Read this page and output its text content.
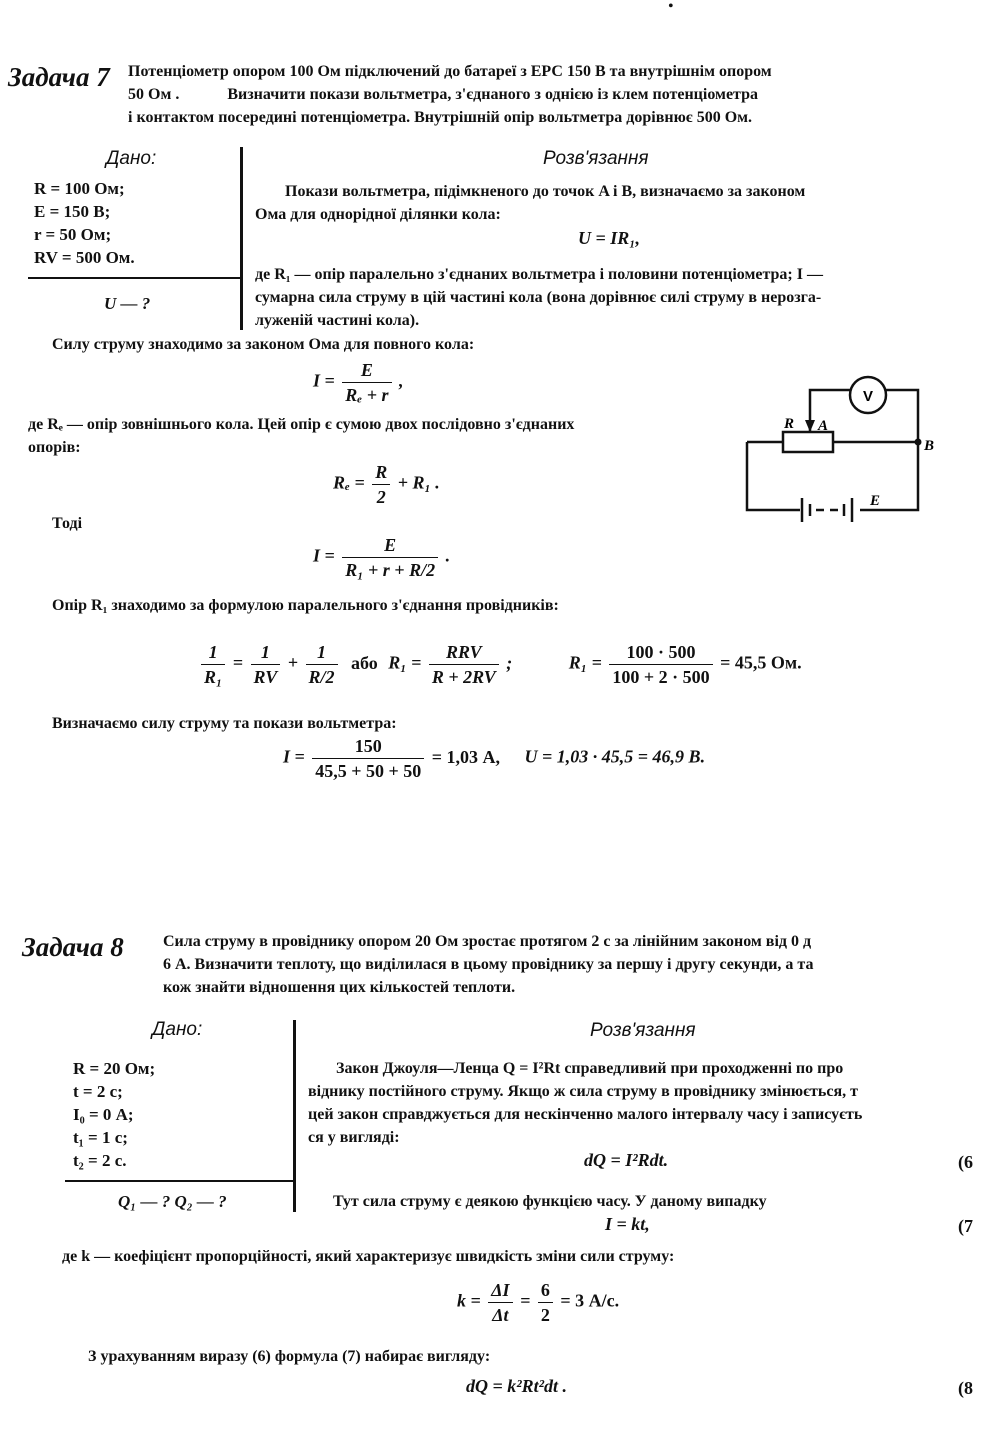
•
Задача 7 Потенціометр опором 100 Ом підключений до батареї з ЕРС 150 В та внутрішнім опором
50 Ом .            Визначити покази вольтметра, з'єднаного з однією із клем потенціометра
і контактом посередині потенціометра. Внутрішній опір вольтметра дорівнює 500 Ом.
Дано:
R = 100 Ом;
E = 150 В;
r = 50 Ом;
RV = 500 Ом.
U — ?
Розв'язання
Покази вольтметра, підімкненого до точок A і B, визначаємо за законом
Ома для однорідної ділянки кола:
U = IR₁,
де R₁ — опір паралельно з'єднаних вольтметра і половини потенціометра; I —
сумарна сила струму в цій частині кола (вона дорівнює силі струму в нерозга-
луженій частині кола).
Силу струму знаходимо за законом Ома для повного кола:
$I = \frac{E}{\text{Rₑ + r}}$ ,
де Rₑ — опір зовнішнього кола. Цей опір є сумою двох послідовно з'єднаних
опорів:
$R_e = \frac{R}{2} + R_1$ .
Тоді
$I = \frac{E}{\text{R₁ + r + R/2}}$ .
Опір R₁ знаходимо за формулою паралельного з'єднання провідників:
$\frac{1}{\text{R₁}} = \frac{1}{RV} + \frac{1}{R/2}$ або $R_1 = \frac{\text{RRV}}{R + 2RV}$ ;	$R_1 = \frac{100 \cdot 500}{100 + 2 \cdot 500} = 45,5$ Ом.
Визначаємо силу струму та покази вольтметра:
$I = \frac{150}{45,5 + 50 + 50} = 1,03$ А, U = 1,03 · 45,5 = 46,9 В.
V
R A
B
E
Задача 8 Сила струму в провіднику опором 20 Ом зростає протягом 2 с за лінійним законом від 0 д
6 А. Визначити теплоту, що виділилася в цьому провіднику за першу і другу секунди, а та
кож знайти відношення цих кількостей теплоти.
Дано:
R = 20 Ом;
t = 2 с;
I₀ = 0 А;
t₁ = 1 с;
t₂ = 2 с.
Q₁ — ? Q₂ — ?
Розв'язання
Закон Джоуля—Ленца Q = I²Rt справедливий при проходженні по про
віднику постійного струму. Якщо ж сила струму в провіднику змінюється, т
цей закон справджується для нескінченно малого інтервалу часу і записуєть
ся у вигляді:
dQ = I²Rdt.	(6
Тут сила струму є деякою функцією часу. У даному випадку
I = kt,	(7
де k — коефіцієнт пропорційності, який характеризує швидкість зміни сили струму:
$k = \frac{\Delta I}{\Delta t} = \frac{6}{2} = 3$ А/с.
З урахуванням виразу (6) формула (7) набирає вигляду:
dQ = k²Rt²dt .	(8
